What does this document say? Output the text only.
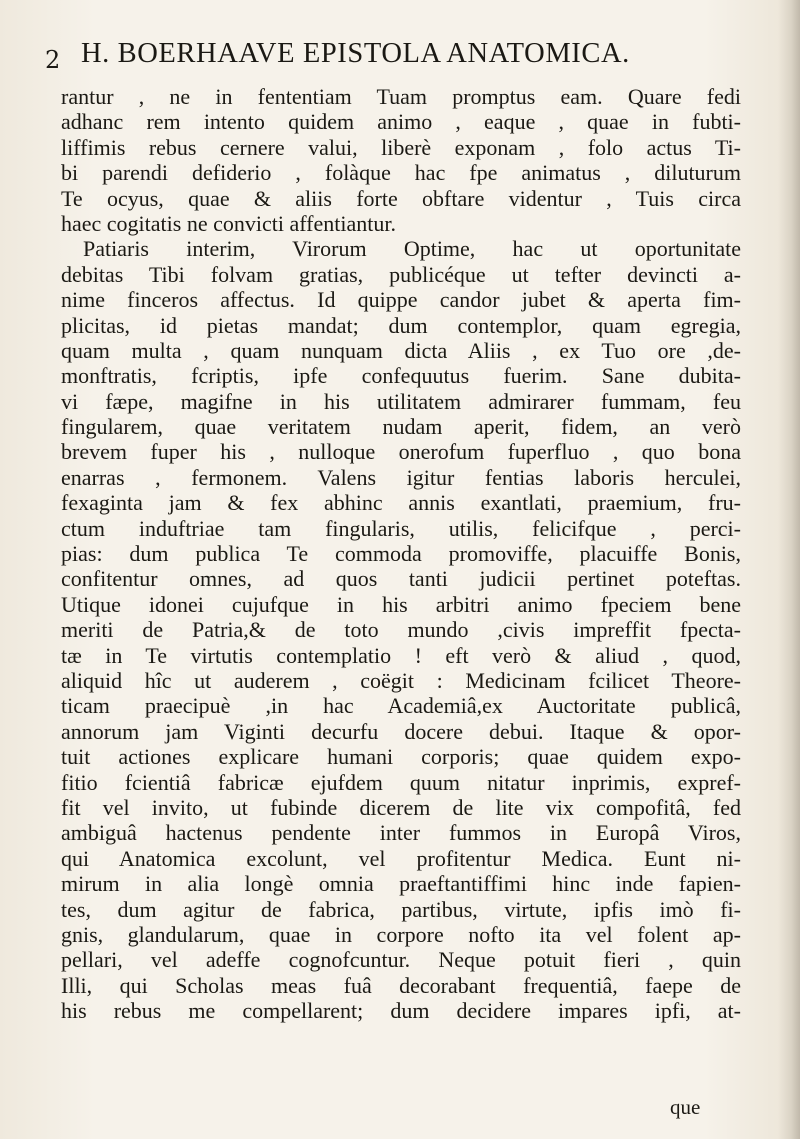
2 H. BOERHAAVE EPISTOLA ANATOMICA.
rantur , ne in fententiam Tuam promptus eam. Quare fedi
adhanc rem intento quidem animo , eaque , quae in fubti-
liffimis rebus cernere valui, liberè exponam , folo actus Ti-
bi parendi defiderio , folàque hac fpe animatus , diluturum
Te ocyus, quae & aliis forte obftare videntur , Tuis circa
haec cogitatis ne convicti affentiantur.
Patiaris interim, Virorum Optime, hac ut oportunitate
debitas Tibi folvam gratias, publicéque ut tefter devincti a-
nime finceros affectus. Id quippe candor jubet & aperta fim-
plicitas, id pietas mandat; dum contemplor, quam egregia,
quam multa , quam nunquam dicta Aliis , ex Tuo ore ,de-
monftratis, fcriptis, ipfe confequutus fuerim. Sane dubita-
vi fæpe, magifne in his utilitatem admirarer fummam, feu
fingularem, quae veritatem nudam aperit, fidem, an verò
brevem fuper his , nulloque onerofum fuperfluo , quo bona
enarras , fermonem. Valens igitur fentias laboris herculei,
fexaginta jam & fex abhinc annis exantlati, praemium, fru-
ctum induftriae tam fingularis, utilis, felicifque , perci-
pias: dum publica Te commoda promoviffe, placuiffe Bonis,
confitentur omnes, ad quos tanti judicii pertinet poteftas.
Utique idonei cujufque in his arbitri animo fpeciem bene
meriti de Patria,& de toto mundo ,civis impreffit fpecta-
tæ in Te virtutis contemplatio ! eft verò & aliud , quod,
aliquid hîc ut auderem , coëgit : Medicinam fcilicet Theore-
ticam praecipuè ,in hac Academiâ,ex Auctoritate publicâ,
annorum jam Viginti decurfu docere debui. Itaque & opor-
tuit actiones explicare humani corporis; quae quidem expo-
fitio fcientiâ fabricæ ejufdem quum nitatur inprimis, expref-
fit vel invito, ut fubinde dicerem de lite vix compofitâ, fed
ambiguâ hactenus pendente inter fummos in Europâ Viros,
qui Anatomica excolunt, vel profitentur Medica. Eunt ni-
mirum in alia longè omnia praeftantiffimi hinc inde fapien-
tes, dum agitur de fabrica, partibus, virtute, ipfis imò fi-
gnis, glandularum, quae in corpore nofto ita vel folent ap-
pellari, vel adeffe cognofcuntur. Neque potuit fieri , quin
Illi, qui Scholas meas fuâ decorabant frequentiâ, faepe de
his rebus me compellarent; dum decidere impares ipfi, at-
que
